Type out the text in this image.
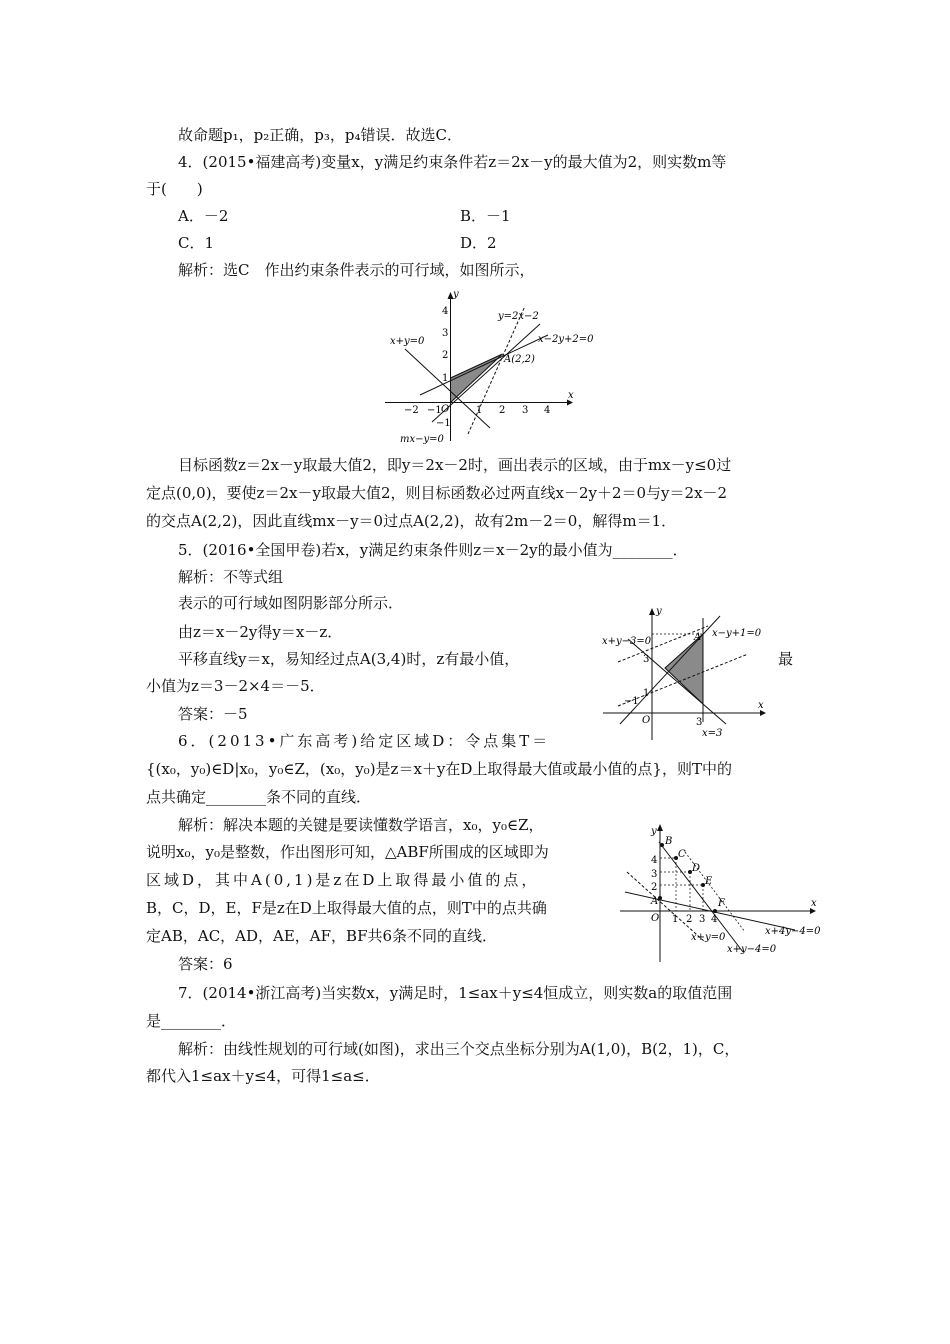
故命题p₁，p₂正确，p₃，p₄错误．故选C．
4．(2015•福建高考)变量x，y满足约束条件若z＝2x－y的最大值为2，则实数m等
于(　　)
A．－2	B．－1
C．1	D．2
解析：选C　作出约束条件表示的可行域，如图所示，
y
x
O
−2 −1	1 2 3 4
4
3
2
1
−1
y=2x−2
x−2y+2=0
x+y=0
mx−y=0
A(2,2)
目标函数z＝2x－y取最大值2，即y＝2x－2时，画出表示的区域，由于mx－y≤0过
定点(0,0)，要使z＝2x－y取最大值2，则目标函数必过两直线x－2y＋2＝0与y＝2x－2
的交点A(2,2)，因此直线mx－y＝0过点A(2,2)，故有2m－2＝0，解得m＝1．
5．(2016•全国甲卷)若x，y满足约束条件则z＝x－2y的最小值为________．
解析：不等式组
表示的可行域如图阴影部分所示．
由z＝x－2y得y＝x－z．
平移直线y＝x，易知经过点A(3,4)时，z有最小值，	最
小值为z＝3－2×4＝－5．
答案：－5
y
x
O
x+y−3=0
x−y+1=0
x=3
A
3
1
−1
3
6．(2013•广东高考)给定区域D：令点集T＝
{(x₀，y₀)∈D|x₀，y₀∈Z，(x₀，y₀)是z＝x＋y在D上取得最大值或最小值的点}，则T中的
点共确定________条不同的直线．
解析：解决本题的关键是要读懂数学语言，x₀，y₀∈Z，
说明x₀，y₀是整数，作出图形可知，△ABF所围成的区域即为
区域D，其中A(0,1)是z在D上取得最小值的点，
B，C，D，E，F是z在D上取得最大值的点，则T中的点共确
定AB，AC，AD，AE，AF，BF共6条不同的直线．
y
x
O
B
C
D
E
F
A
4
3
2
1 2 3 4
x+y=0
x+4y−4=0
x+y−4=0
答案：6
7．(2014•浙江高考)当实数x，y满足时，1≤ax＋y≤4恒成立，则实数a的取值范围
是________．
解析：由线性规划的可行域(如图)，求出三个交点坐标分别为A(1,0)，B(2，1)，C，
都代入1≤ax＋y≤4，可得1≤a≤．
